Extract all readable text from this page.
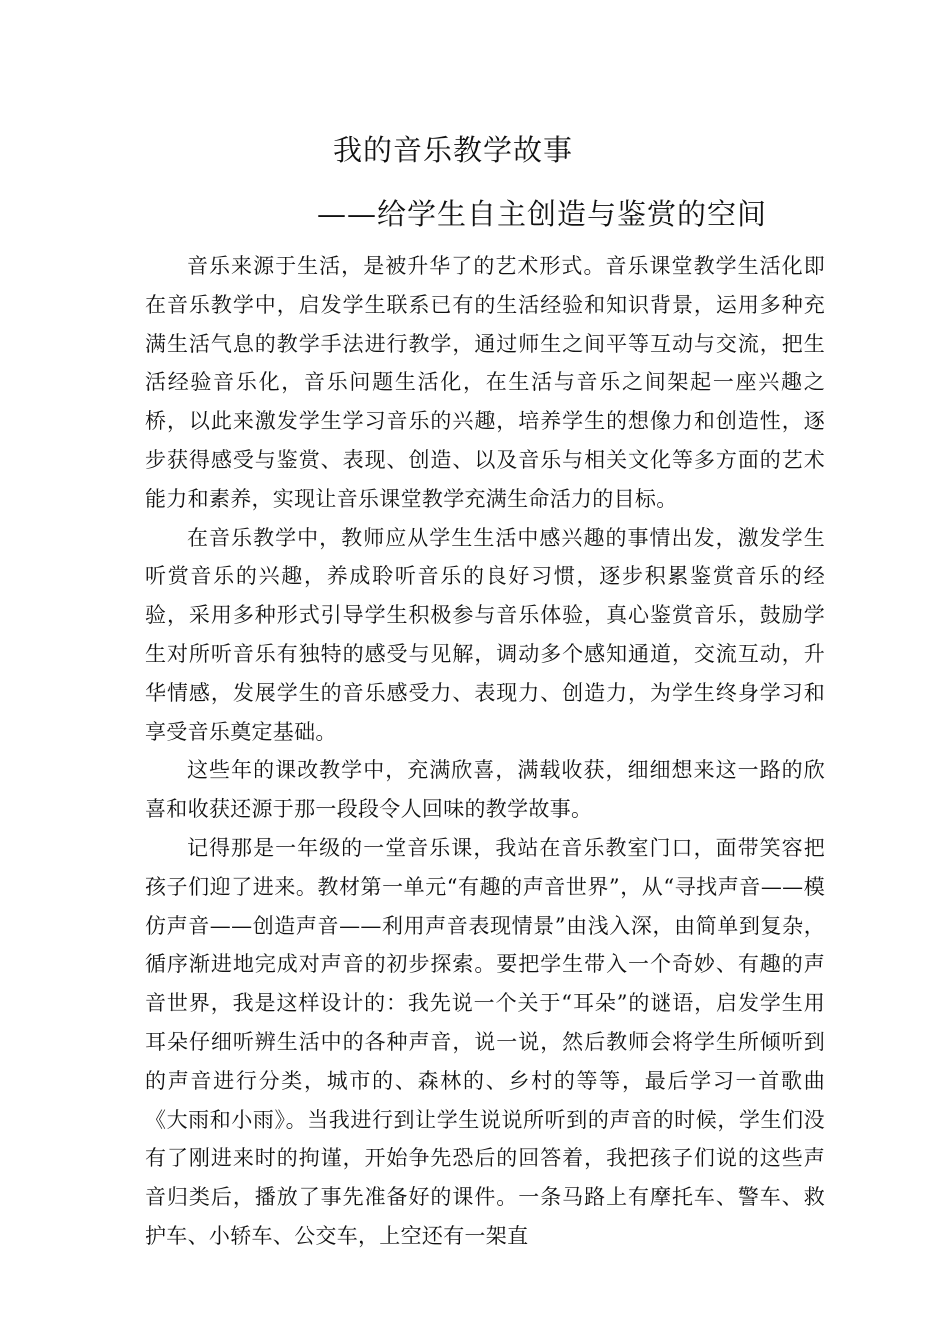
我的音乐教学故事
——给学生自主创造与鉴赏的空间

音乐来源于生活，是被升华了的艺术形式。音乐课堂教学生活化即在音乐教学中，启发学生联系已有的生活经验和知识背景，运用多种充满生活气息的教学手法进行教学，通过师生之间平等互动与交流，把生活经验音乐化，音乐问题生活化，在生活与音乐之间架起一座兴趣之桥，以此来激发学生学习音乐的兴趣，培养学生的想像力和创造性，逐步获得感受与鉴赏、表现、创造、以及音乐与相关文化等多方面的艺术能力和素养，实现让音乐课堂教学充满生命活力的目标。

在音乐教学中，教师应从学生生活中感兴趣的事情出发，激发学生听赏音乐的兴趣，养成聆听音乐的良好习惯，逐步积累鉴赏音乐的经验，采用多种形式引导学生积极参与音乐体验，真心鉴赏音乐，鼓励学生对所听音乐有独特的感受与见解，调动多个感知通道，交流互动，升华情感，发展学生的音乐感受力、表现力、创造力，为学生终身学习和享受音乐奠定基础。

这些年的课改教学中，充满欣喜，满载收获，细细想来这一路的欣喜和收获还源于那一段段令人回味的教学故事。

记得那是一年级的一堂音乐课，我站在音乐教室门口，面带笑容把孩子们迎了进来。教材第一单元“有趣的声音世界”，从“寻找声音——模仿声音——创造声音——利用声音表现情景”由浅入深，由简单到复杂，循序渐进地完成对声音的初步探索。要把学生带入一个奇妙、有趣的声音世界，我是这样设计的：我先说一个关于“耳朵”的谜语，启发学生用耳朵仔细听辨生活中的各种声音，说一说，然后教师会将学生所倾听到的声音进行分类，城市的、森林的、乡村的等等，最后学习一首歌曲《大雨和小雨》。当我进行到让学生说说所听到的声音的时候，学生们没有了刚进来时的拘谨，开始争先恐后的回答着，我把孩子们说的这些声音归类后，播放了事先准备好的课件。一条马路上有摩托车、警车、救护车、小轿车、公交车，上空还有一架直
